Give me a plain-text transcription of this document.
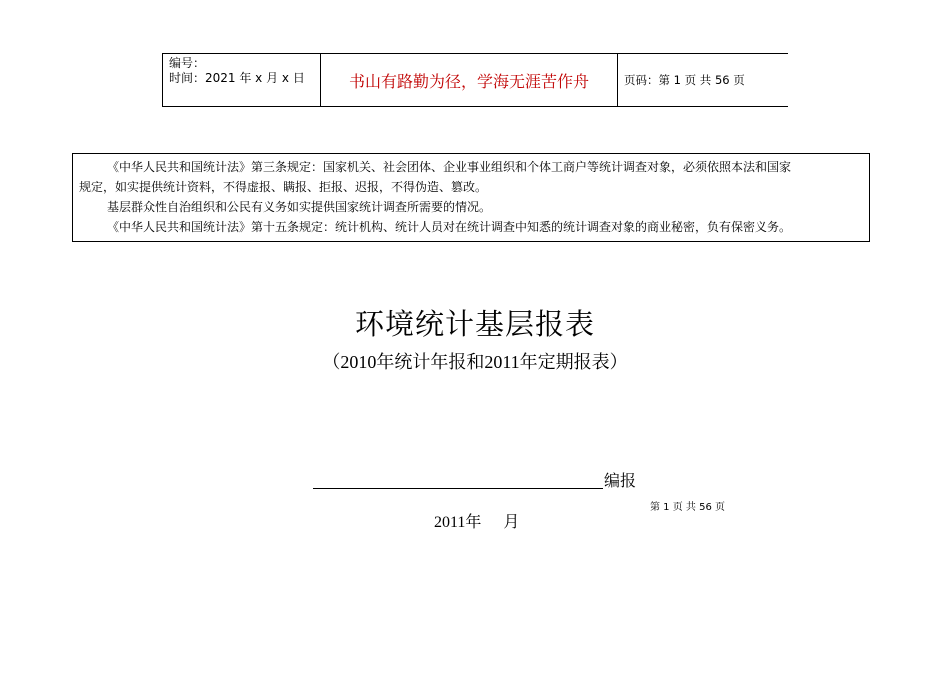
编号：
时间：2021 年 x 月 x 日	书山有路勤为径，学海无涯苦作舟	页码：第 1 页 共 56 页

《中华人民共和国统计法》第三条规定：国家机关、社会团体、企业事业组织和个体工商户等统计调查对象，必须依照本法和国家

规定，如实提供统计资料，不得虚报、瞒报、拒报、迟报，不得伪造、篡改。

基层群众性自治组织和公民有义务如实提供国家统计调查所需要的情况。

《中华人民共和国统计法》第十五条规定：统计机构、统计人员对在统计调查中知悉的统计调查对象的商业秘密，负有保密义务。

环境统计基层报表
（2010年统计年报和2011年定期报表）
编报
第 1 页 共 56 页
2011年 月
